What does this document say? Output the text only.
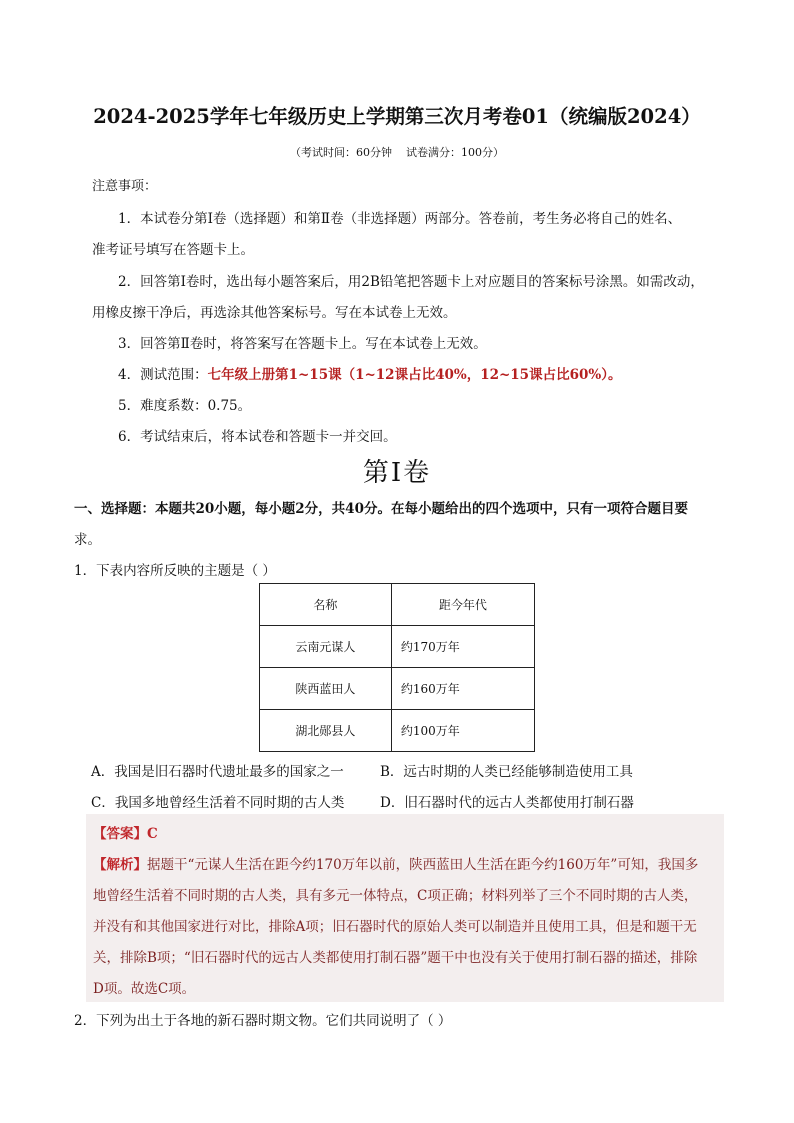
2024-2025学年七年级历史上学期第三次月考卷01（统编版2024）
（考试时间：60分钟    试卷满分：100分）
注意事项：
1．本试卷分第Ⅰ卷（选择题）和第Ⅱ卷（非选择题）两部分。答卷前，考生务必将自己的姓名、
准考证号填写在答题卡上。
2．回答第Ⅰ卷时，选出每小题答案后，用2B铅笔把答题卡上对应题目的答案标号涂黑。如需改动，
用橡皮擦干净后，再选涂其他答案标号。写在本试卷上无效。
3．回答第Ⅱ卷时，将答案写在答题卡上。写在本试卷上无效。
4．测试范围：七年级上册第1~15课（1~12课占比40%，12~15课占比60%）。
5．难度系数：0.75。
6．考试结束后，将本试卷和答题卡一并交回。
第Ⅰ卷
一、选择题：本题共20小题，每小题2分，共40分。在每小题给出的四个选项中，只有一项符合题目要
求。
1．下表内容所反映的主题是（ ）
名称	距今年代
云南元谋人	约170万年
陕西蓝田人	约160万年
湖北郧县人	约100万年
A．我国是旧石器时代遗址最多的国家之一	B．远古时期的人类已经能够制造使用工具
C．我国多地曾经生活着不同时期的古人类	D．旧石器时代的远古人类都使用打制石器
【答案】C
【解析】据题干“元谋人生活在距今约170万年以前，陕西蓝田人生活在距今约160万年”可知，我国多
地曾经生活着不同时期的古人类，具有多元一体特点，C项正确；材料列举了三个不同时期的古人类，
并没有和其他国家进行对比，排除A项；旧石器时代的原始人类可以制造并且使用工具，但是和题干无
关，排除B项；“旧石器时代的远古人类都使用打制石器”题干中也没有关于使用打制石器的描述，排除
D项。故选C项。
2．下列为出土于各地的新石器时期文物。它们共同说明了（ ）
